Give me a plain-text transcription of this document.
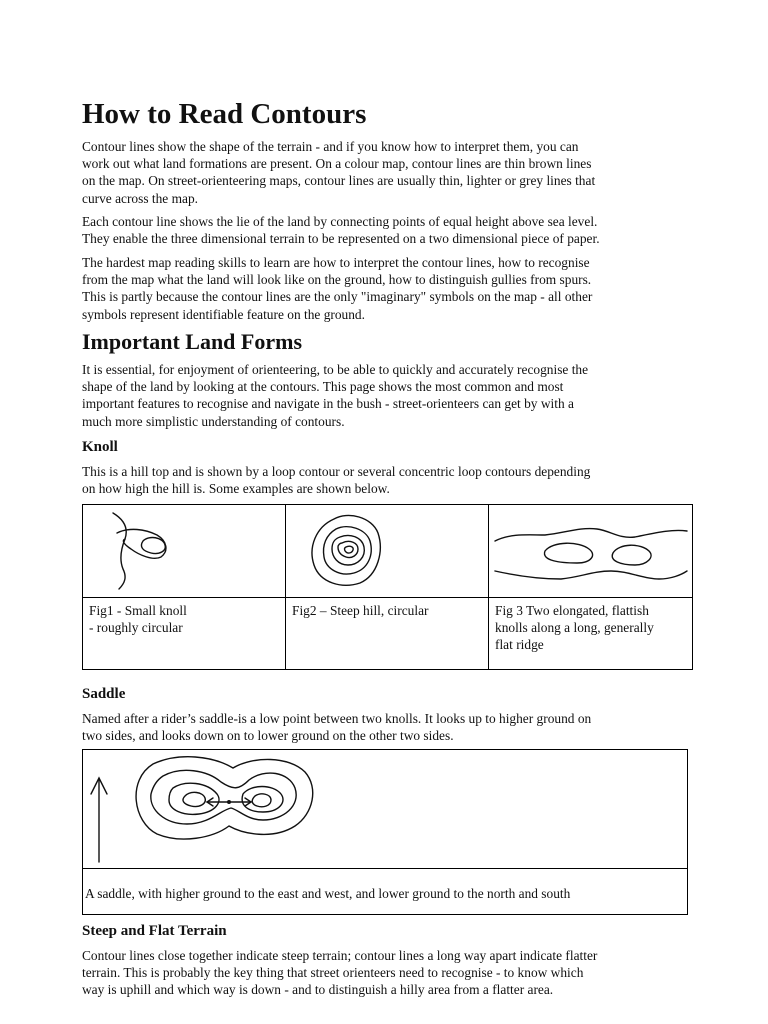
How to Read Contours

Contour lines show the shape of the terrain - and if you know how to interpret them, you can
work out what land formations are present. On a colour map, contour lines are thin brown lines
on the map. On street-orienteering maps, contour lines are usually thin, lighter or grey lines that
curve across the map.

Each contour line shows the lie of the land by connecting points of equal height above sea level.
They enable the three dimensional terrain to be represented on a two dimensional piece of paper.

The hardest map reading skills to learn are how to interpret the contour lines, how to recognise
from the map what the land will look like on the ground, how to distinguish gullies from spurs.
This is partly because the contour lines are the only "imaginary" symbols on the map - all other
symbols represent identifiable feature on the ground.

Important Land Forms

It is essential, for enjoyment of orienteering, to be able to quickly and accurately recognise the
shape of the land by looking at the contours. This page shows the most common and most
important features to recognise and navigate in the bush - street-orienteers can get by with a
much more simplistic understanding of contours.

Knoll

This is a hill top and is shown by a loop contour or several concentric loop contours depending
on how high the hill is. Some examples are shown below.

Fig1 - Small knoll
- roughly circular	Fig2 – Steep hill, circular	Fig 3 Two elongated, flattish
knolls along a long, generally
flat ridge
Saddle

Named after a rider’s saddle-is a low point between two knolls. It looks up to higher ground on
two sides, and looks down on to lower ground on the other two sides.

A saddle, with higher ground to the east and west, and lower ground to the north and south
Steep and Flat Terrain

Contour lines close together indicate steep terrain; contour lines a long way apart indicate flatter
terrain. This is probably the key thing that street orienteers need to recognise - to know which
way is uphill and which way is down - and to distinguish a hilly area from a flatter area.
